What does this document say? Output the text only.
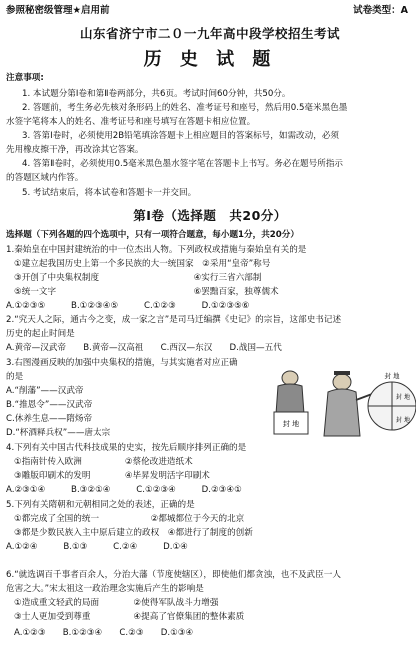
参照秘密级管理★启用前	试卷类型：A
山东省济宁市二０一九年高中段学校招生考试
历 史 试 题
注意事项:
1. 本试题分第Ⅰ卷和第Ⅱ卷两部分，共6页。考试时间60分钟，共50分。
2. 答题前，考生务必先核对条形码上的姓名、准考证号和座号，然后用0.5毫米黑色墨
水签字笔将本人的姓名、准考证号和座号填写在答题卡相应位置。
3. 答第Ⅰ卷时，必须使用2B铅笔填涂答题卡上相应题目的答案标号，如需改动，必须
先用橡皮擦干净，再改涂其它答案。
4. 答第Ⅱ卷时，必须使用0.5毫米黑色墨水签字笔在答题卡上书写。务必在题号所指示
的答题区域内作答。
5. 考试结束后，将本试卷和答题卡一并交回。
第Ⅰ卷（选择题　共20分）
选择题（下列各题的四个选项中，只有一项符合题意，每小题1分，共20分）
1.秦始皇在中国封建统治的中一位杰出人物。下列政权或措施与秦始皇有关的是
①建立起我国历史上第一个多民族的大一统国家　②采用“皇帝”称号
③开创了中央集权制度　　　　　　　　　　　④实行三省六部制
⑤统一文字　　　　　　　　　　　　　　　　⑥罢黜百家，独尊儒术
A.①②③⑤　　　B.①②③④⑤　　　C.①②③　　　D.①②③⑤⑥
2.“究天人之际，通古今之变，成一家之言”是司马迁编撰《史记》的宗旨，这部史书记述
历史的起止时间是
A.黄帝—汉武帝　　B.黄帝—汉高祖　　C.西汉—东汉　　D.战国—五代
3.右图漫画反映的加强中央集权的措施，与其实施者对应正确
的是
A.“削藩”——汉武帝
B.“推恩令”——汉武帝
C.休养生息——隋炀帝
D.“杯酒释兵权”——唐太宗
封 地
封 地
封 地
封 地
4.下列有关中国古代科技成果的史实，按先后顺序排列正确的是
①指南针传入欧洲　　　　　②蔡伦改进造纸术
③雕版印刷术的发明　　　　④毕昇发明活字印刷术
A.②③①④　　　B.③②①④　　　C.①②③④　　　D.②③④①
5.下列有关隋朝和元朝相同之处的表述，正确的是
①都完成了全国的统一　　　　　　②都城都位于今天的北京
③都是少数民族入主中原后建立的政权　④都进行了制度的创新
A.①②④　　　B.①③　　　C.②④　　　D.①④
6.“就选调百千事者百余人，分治大藩（节度使辖区），即使他们都贪浊，也不及武臣一人
危害之大。”宋太祖这一政治理念实施后产生的影响是
①造成重文轻武的局面　　　　②使得军队战斗力增强
③士人更加受到尊重　　　　　④提高了官僚集团的整体素质
A.①②③　　B.①②③④　　C.②③　　D.①③④
